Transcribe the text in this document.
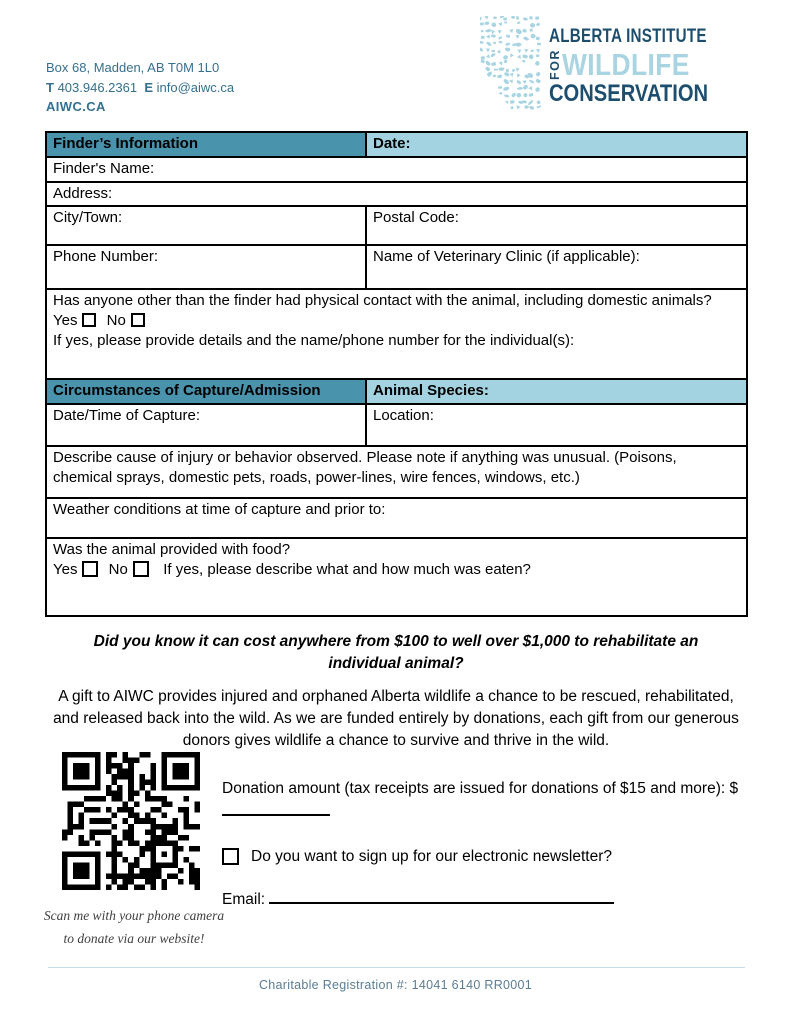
Box 68, Madden, AB T0M 1L0
T 403.946.2361 E info@aiwc.ca
AIWC.CA
ALBERTA INSTITUTE
FOR WILDLIFE
CONSERVATION
Finder’s Information	Date:
Finder's Name:	
Address:	
City/Town:	Postal Code:
Phone Number:	Name of Veterinary Clinic (if applicable):

Has anyone other than the finder had physical contact with the animal, including domestic animals?
Yes No
If yes, please provide details and the name/phone number for the individual(s):	

Circumstances of Capture/Admission	Animal Species:
Date/Time of Capture:	Location:
Describe cause of injury or behavior observed. Please note if anything was unusual. (Poisons, chemical sprays, domestic pets, roads, power-lines, wire fences, windows, etc.)	
Weather conditions at time of capture and prior to:	

Was the animal provided with food?
Yes No If yes, please describe what and how much was eaten?	
Did you know it can cost anywhere from $100 to well over $1,000 to rehabilitate an individual animal?
A gift to AIWC provides injured and orphaned Alberta wildlife a chance to be rescued, rehabilitated, and released back into the wild. As we are funded entirely by donations, each gift from our generous donors gives wildlife a chance to survive and thrive in the wild.
Scan me with your phone camera
to donate via our website!
Donation amount (tax receipts are issued for donations of $15 and more): $
Do you want to sign up for our electronic newsletter?
Email:
Charitable Registration #: 14041 6140 RR0001
